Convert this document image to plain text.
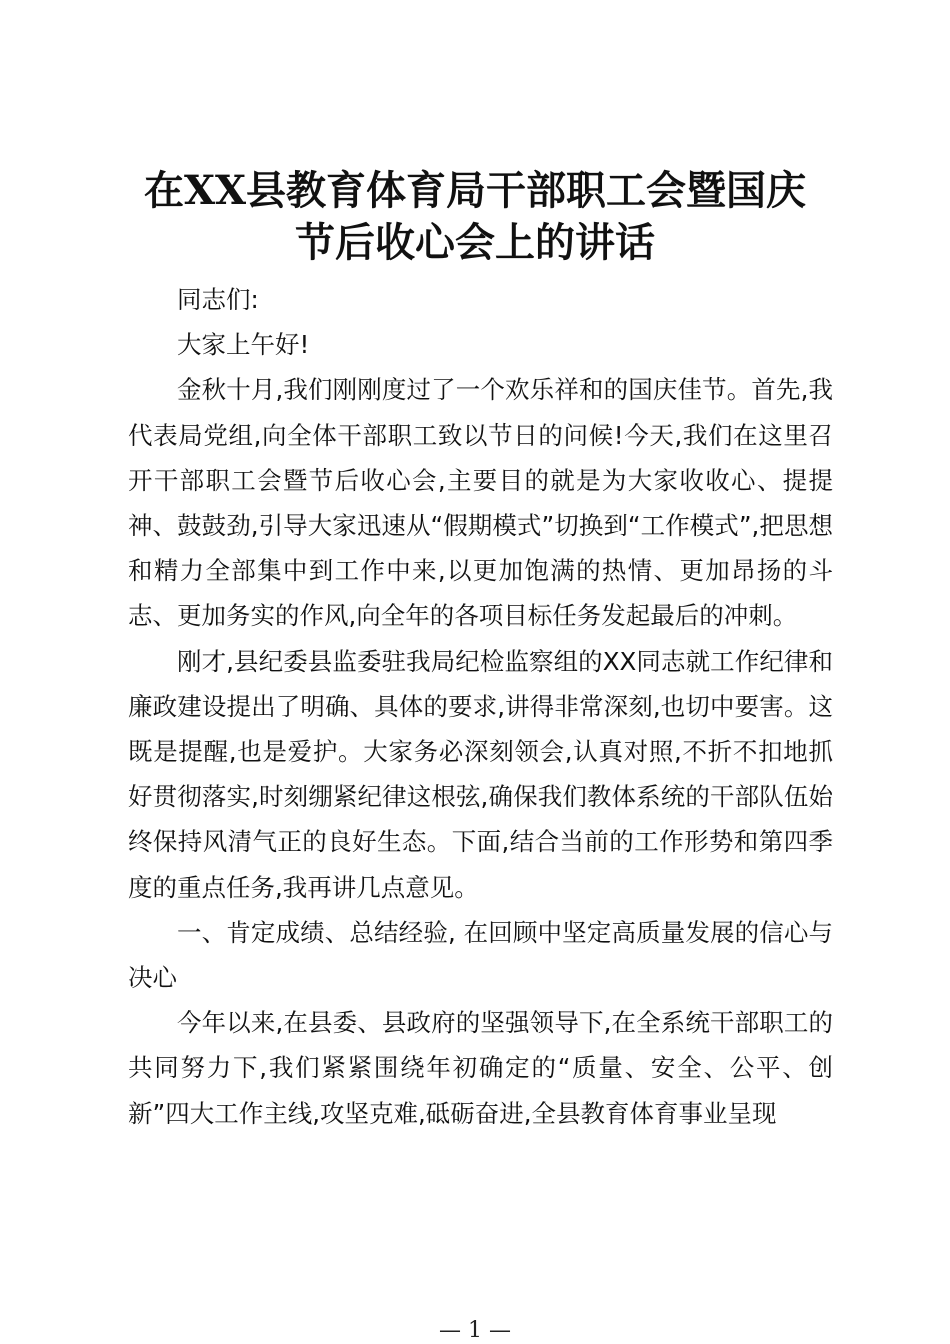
在XX县教育体育局干部职工会暨国庆
节后收心会上的讲话

同志们:

大家上午好!

金秋十月,我们刚刚度过了一个欢乐祥和的国庆佳节。首先,我代表局党组,向全体干部职工致以节日的问候!今天,我们在这里召开干部职工会暨节后收心会,主要目的就是为大家收收心、提提神、鼓鼓劲,引导大家迅速从“假期模式”切换到“工作模式”,把思想和精力全部集中到工作中来,以更加饱满的热情、更加昂扬的斗志、更加务实的作风,向全年的各项目标任务发起最后的冲刺。

刚才,县纪委县监委驻我局纪检监察组的XX同志就工作纪律和廉政建设提出了明确、具体的要求,讲得非常深刻,也切中要害。这既是提醒,也是爱护。大家务必深刻领会,认真对照,不折不扣地抓好贯彻落实,时刻绷紧纪律这根弦,确保我们教体系统的干部队伍始终保持风清气正的良好生态。下面,结合当前的工作形势和第四季度的重点任务,我再讲几点意见。

一、肯定成绩、总结经验, 在回顾中坚定高质量发展的信心与决心

今年以来,在县委、县政府的坚强领导下,在全系统干部职工的共同努力下,我们紧紧围绕年初确定的“质量、安全、公平、创新”四大工作主线,攻坚克难,砥砺奋进,全县教育体育事业呈现

— 1 —
